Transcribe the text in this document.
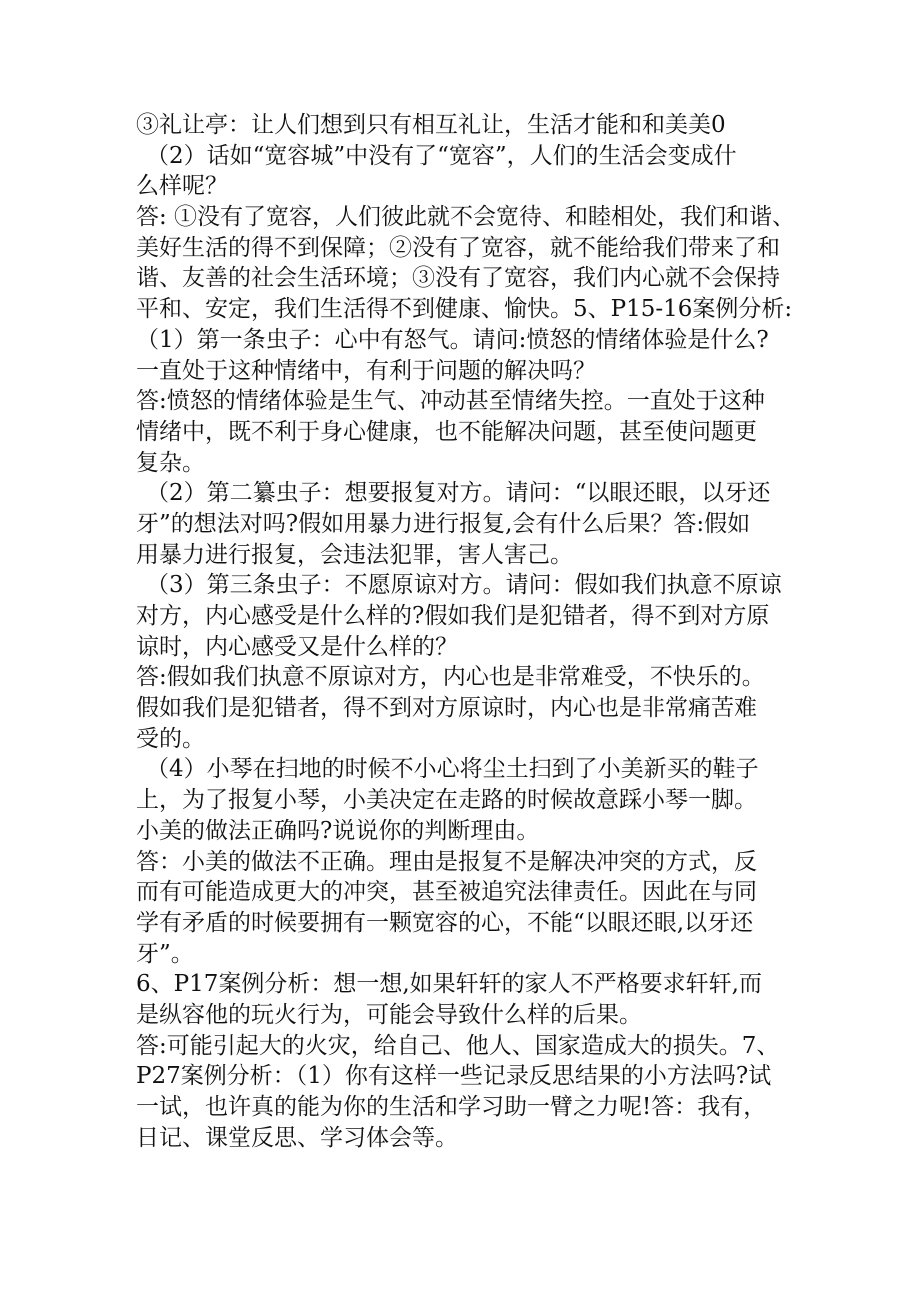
③礼让亭：让人们想到只有相互礼让，生活才能和和美美0
（2）话如“宽容城”中没有了“宽容”，人们的生活会变成什
么样呢？
答: ①没有了宽容，人们彼此就不会宽待、和睦相处，我们和谐、
美好生活的得不到保障；②没有了宽容，就不能给我们带来了和
谐、友善的社会生活环境；③没有了宽容，我们内心就不会保持
平和、安定，我们生活得不到健康、愉快。5、P15-16案例分析:
（1）第一条虫子：心中有怒气。请问:愤怒的情绪体验是什么?
一直处于这种情绪中，有利于问题的解决吗？
答:愤怒的情绪体验是生气、冲动甚至情绪失控。一直处于这种
情绪中，既不利于身心健康，也不能解决问题，甚至使问题更
复杂。
（2）第二纂虫子：想要报复对方。请问：“以眼还眼，以牙还
牙”的想法对吗?假如用暴力进行报复,会有什么后果？答:假如
用暴力进行报复，会违法犯罪，害人害己。
（3）第三条虫子：不愿原谅对方。请问：假如我们执意不原谅
对方，内心感受是什么样的?假如我们是犯错者，得不到对方原
谅时，内心感受又是什么样的？
答:假如我们执意不原谅对方，内心也是非常难受，不快乐的。
假如我们是犯错者，得不到对方原谅时，内心也是非常痛苦难
受的。
（4）小琴在扫地的时候不小心将尘土扫到了小美新买的鞋子
上，为了报复小琴，小美决定在走路的时候故意踩小琴一脚。
小美的做法正确吗?说说你的判断理由。
答：小美的做法不正确。理由是报复不是解决冲突的方式，反
而有可能造成更大的冲突，甚至被追究法律责任。因此在与同
学有矛盾的时候要拥有一颗宽容的心，不能“以眼还眼,以牙还
牙”。
6、P17案例分析：想一想,如果轩轩的家人不严格要求轩轩,而
是纵容他的玩火行为，可能会导致什么样的后果。
答:可能引起大的火灾，给自己、他人、国家造成大的损失。7、
P27案例分析：（1）你有这样一些记录反思结果的小方法吗?试
一试，也许真的能为你的生活和学习助一臂之力呢!答：我有，
日记、课堂反思、学习体会等。
